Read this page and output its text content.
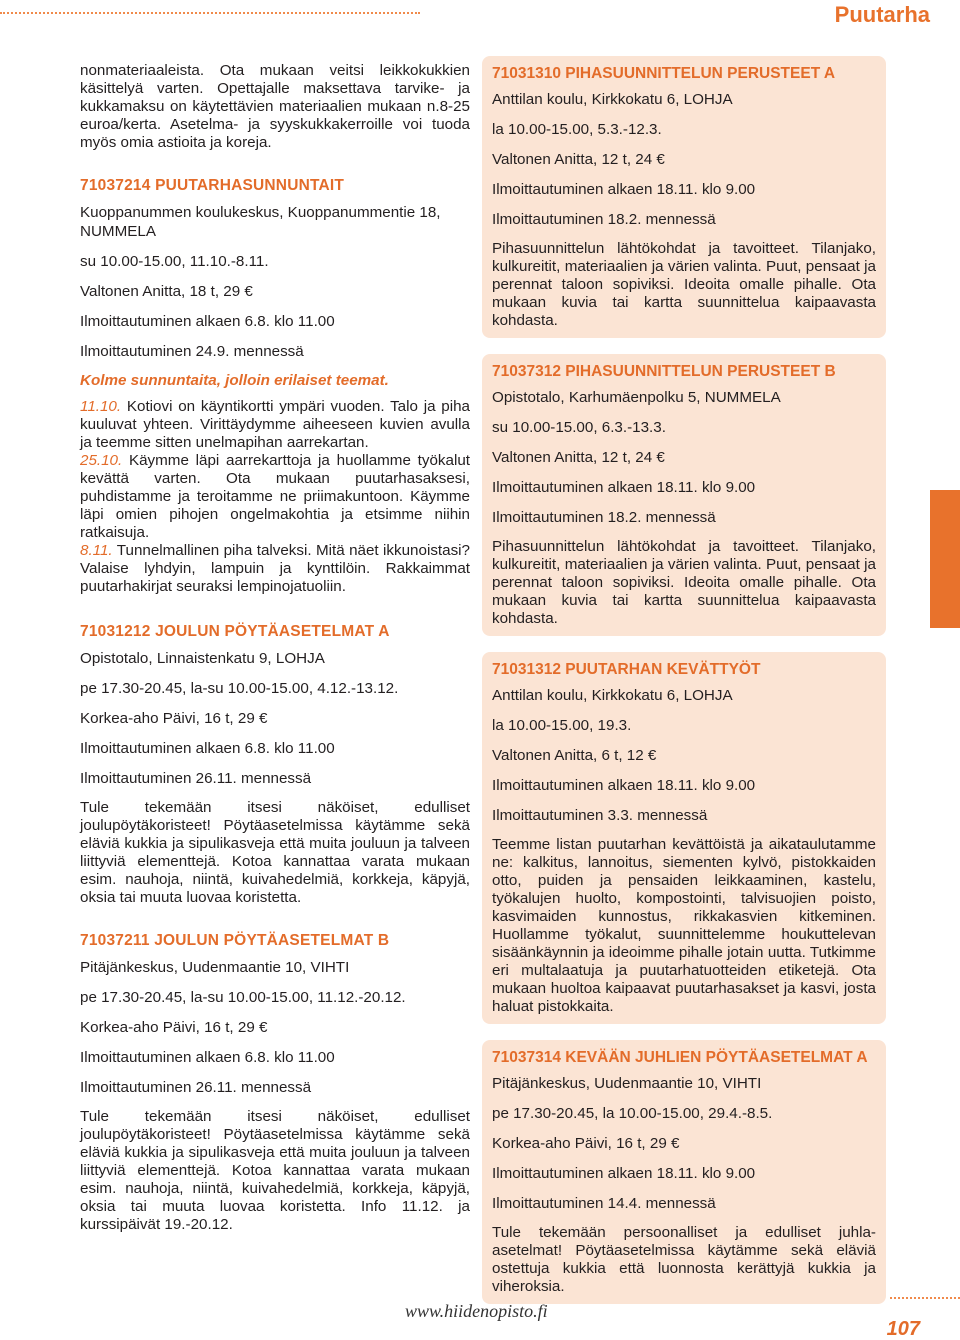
Puutarha

nonmateriaaleista. Ota mukaan veitsi leikkokukkien käsittelyä varten. Opettajalle maksettava tarvike- ja kukkamaksu on käytettävien materiaalien mukaan n.8-25 euroa/kerta. Asetelma- ja syyskukkakerroille voi tuoda myös omia astioita ja koreja.

71037214 PUUTARHASUNNUNTAIT

Kuoppanummen koulukeskus, Kuoppanummentie 18, NUMMELA

su 10.00-15.00, 11.10.-8.11.

Valtonen Anitta, 18 t, 29 €

Ilmoittautuminen alkaen 6.8. klo 11.00

Ilmoittautuminen 24.9. mennessä

Kolme sunnuntaita, jolloin erilaiset teemat.

11.10. Kotiovi on käyntikortti ympäri vuoden. Talo ja piha kuuluvat yhteen. Virittäydymme aiheeseen kuvien avulla ja teemme sitten unelmapihan aarrekartan.

25.10. Käymme läpi aarrekarttoja ja huollamme työkalut kevättä varten. Ota mukaan puutarhasaksesi, puhdistamme ja teroitamme ne priimakuntoon. Käymme läpi omien pihojen ongelmakohtia ja etsimme niihin ratkaisuja.

8.11. Tunnelmallinen piha talveksi. Mitä näet ikkunoistasi? Valaise lyhdyin, lampuin ja kynttilöin. Rakkaimmat puutarhakirjat seuraksi lempinojatuoliin.

71031212 JOULUN PÖYTÄASETELMAT A

Opistotalo, Linnaistenkatu 9, LOHJA

pe 17.30-20.45, la-su 10.00-15.00, 4.12.-13.12.

Korkea-aho Päivi, 16 t, 29 €

Ilmoittautuminen alkaen 6.8. klo 11.00

Ilmoittautuminen 26.11. mennessä

Tule tekemään itsesi näköiset, edulliset joulupöytäkoristeet! Pöytäasetelmissa käytämme sekä eläviä kukkia ja sipulikasveja että muita jouluun ja talveen liittyviä elementtejä. Kotoa kannattaa varata mukaan esim. nauhoja, niintä, kuivahedelmiä, korkkeja, käpyjä, oksia tai muuta luovaa koristetta.

71037211 JOULUN PÖYTÄASETELMAT B

Pitäjänkeskus, Uudenmaantie 10, VIHTI

pe 17.30-20.45, la-su 10.00-15.00, 11.12.-20.12.

Korkea-aho Päivi, 16 t, 29 €

Ilmoittautuminen alkaen 6.8. klo 11.00

Ilmoittautuminen 26.11. mennessä

Tule tekemään itsesi näköiset, edulliset joulupöytäkoristeet! Pöytäasetelmissa käytämme sekä eläviä kukkia ja sipulikasveja että muita jouluun ja talveen liittyviä elementtejä. Kotoa kannattaa varata mukaan esim. nauhoja, niintä, kuivahedelmiä, korkkeja, käpyjä, oksia tai muuta luovaa koristetta. Info 11.12. ja kurssipäivät 19.-20.12.

71031310 PIHASUUNNITTELUN PERUSTEET A

Anttilan koulu, Kirkkokatu 6, LOHJA

la 10.00-15.00, 5.3.-12.3.

Valtonen Anitta, 12 t, 24 €

Ilmoittautuminen alkaen 18.11. klo 9.00

Ilmoittautuminen 18.2. mennessä

Pihasuunnittelun lähtökohdat ja tavoitteet. Tilanjako, kulkureitit, materiaalien ja värien valinta. Puut, pensaat ja perennat taloon sopiviksi. Ideoita omalle pihalle. Ota mukaan kuvia tai kartta suunnittelua kaipaavasta kohdasta.

71037312 PIHASUUNNITTELUN PERUSTEET B

Opistotalo, Karhumäenpolku 5, NUMMELA

su 10.00-15.00, 6.3.-13.3.

Valtonen Anitta, 12 t, 24 €

Ilmoittautuminen alkaen 18.11. klo 9.00

Ilmoittautuminen 18.2. mennessä

Pihasuunnittelun lähtökohdat ja tavoitteet. Tilanjako, kulkureitit, materiaalien ja värien valinta. Puut, pensaat ja perennat taloon sopiviksi. Ideoita omalle pihalle. Ota mukaan kuvia tai kartta suunnittelua kaipaavasta kohdasta.

71031312 PUUTARHAN KEVÄTTYÖT

Anttilan koulu, Kirkkokatu 6, LOHJA

la 10.00-15.00, 19.3.

Valtonen Anitta, 6 t, 12 €

Ilmoittautuminen alkaen 18.11. klo 9.00

Ilmoittautuminen 3.3. mennessä

Teemme listan puutarhan kevättöistä ja aikataulutamme ne: kalkitus, lannoitus, siementen kylvö, pistokkaiden otto, puiden ja pensaiden leikkaaminen, kastelu, työkalujen huolto, kompostointi, talvisuojien poisto, kasvimaiden kunnostus, rikkakasvien kitkeminen. Huollamme työkalut, suunnittelemme houkuttelevan sisäänkäynnin ja ideoimme pihalle jotain uutta. Tutkimme eri multalaatuja ja puutarhatuotteiden etiketejä. Ota mukaan huoltoa kaipaavat puutarhasakset ja kasvi, josta haluat pistokkaita.

71037314 KEVÄÄN JUHLIEN PÖYTÄASETELMAT A

Pitäjänkeskus, Uudenmaantie 10, VIHTI

pe 17.30-20.45, la 10.00-15.00, 29.4.-8.5.

Korkea-aho Päivi, 16 t, 29 €

Ilmoittautuminen alkaen 18.11. klo 9.00

Ilmoittautuminen 14.4. mennessä

Tule tekemään persoonalliset ja edulliset juhla-asetelmat! Pöytäasetelmissa käytämme sekä eläviä ostettuja kukkia että luonnosta kerättyjä kukkia ja viheroksia.

www.hiidenopisto.fi

107
